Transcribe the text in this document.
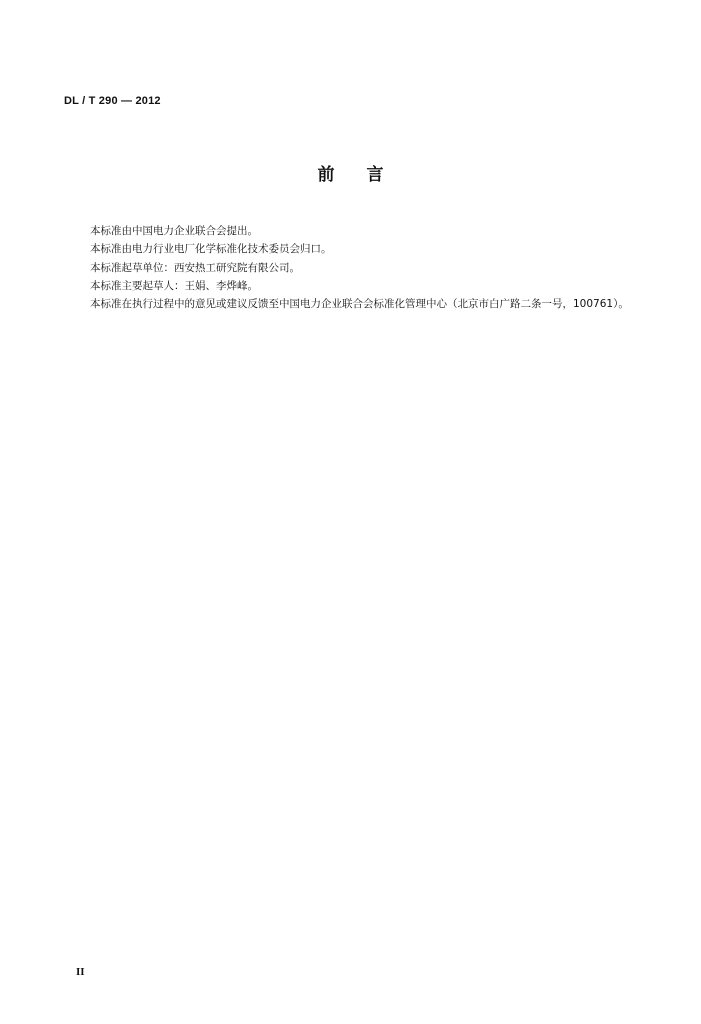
DL / T 290 — 2012
前言

本标准由中国电力企业联合会提出。

本标准由电力行业电厂化学标准化技术委员会归口。

本标准起草单位：西安热工研究院有限公司。

本标准主要起草人：王娟、李烨峰。

本标准在执行过程中的意见或建议反馈至中国电力企业联合会标准化管理中心（北京市白广路二条一号，100761）。

II
